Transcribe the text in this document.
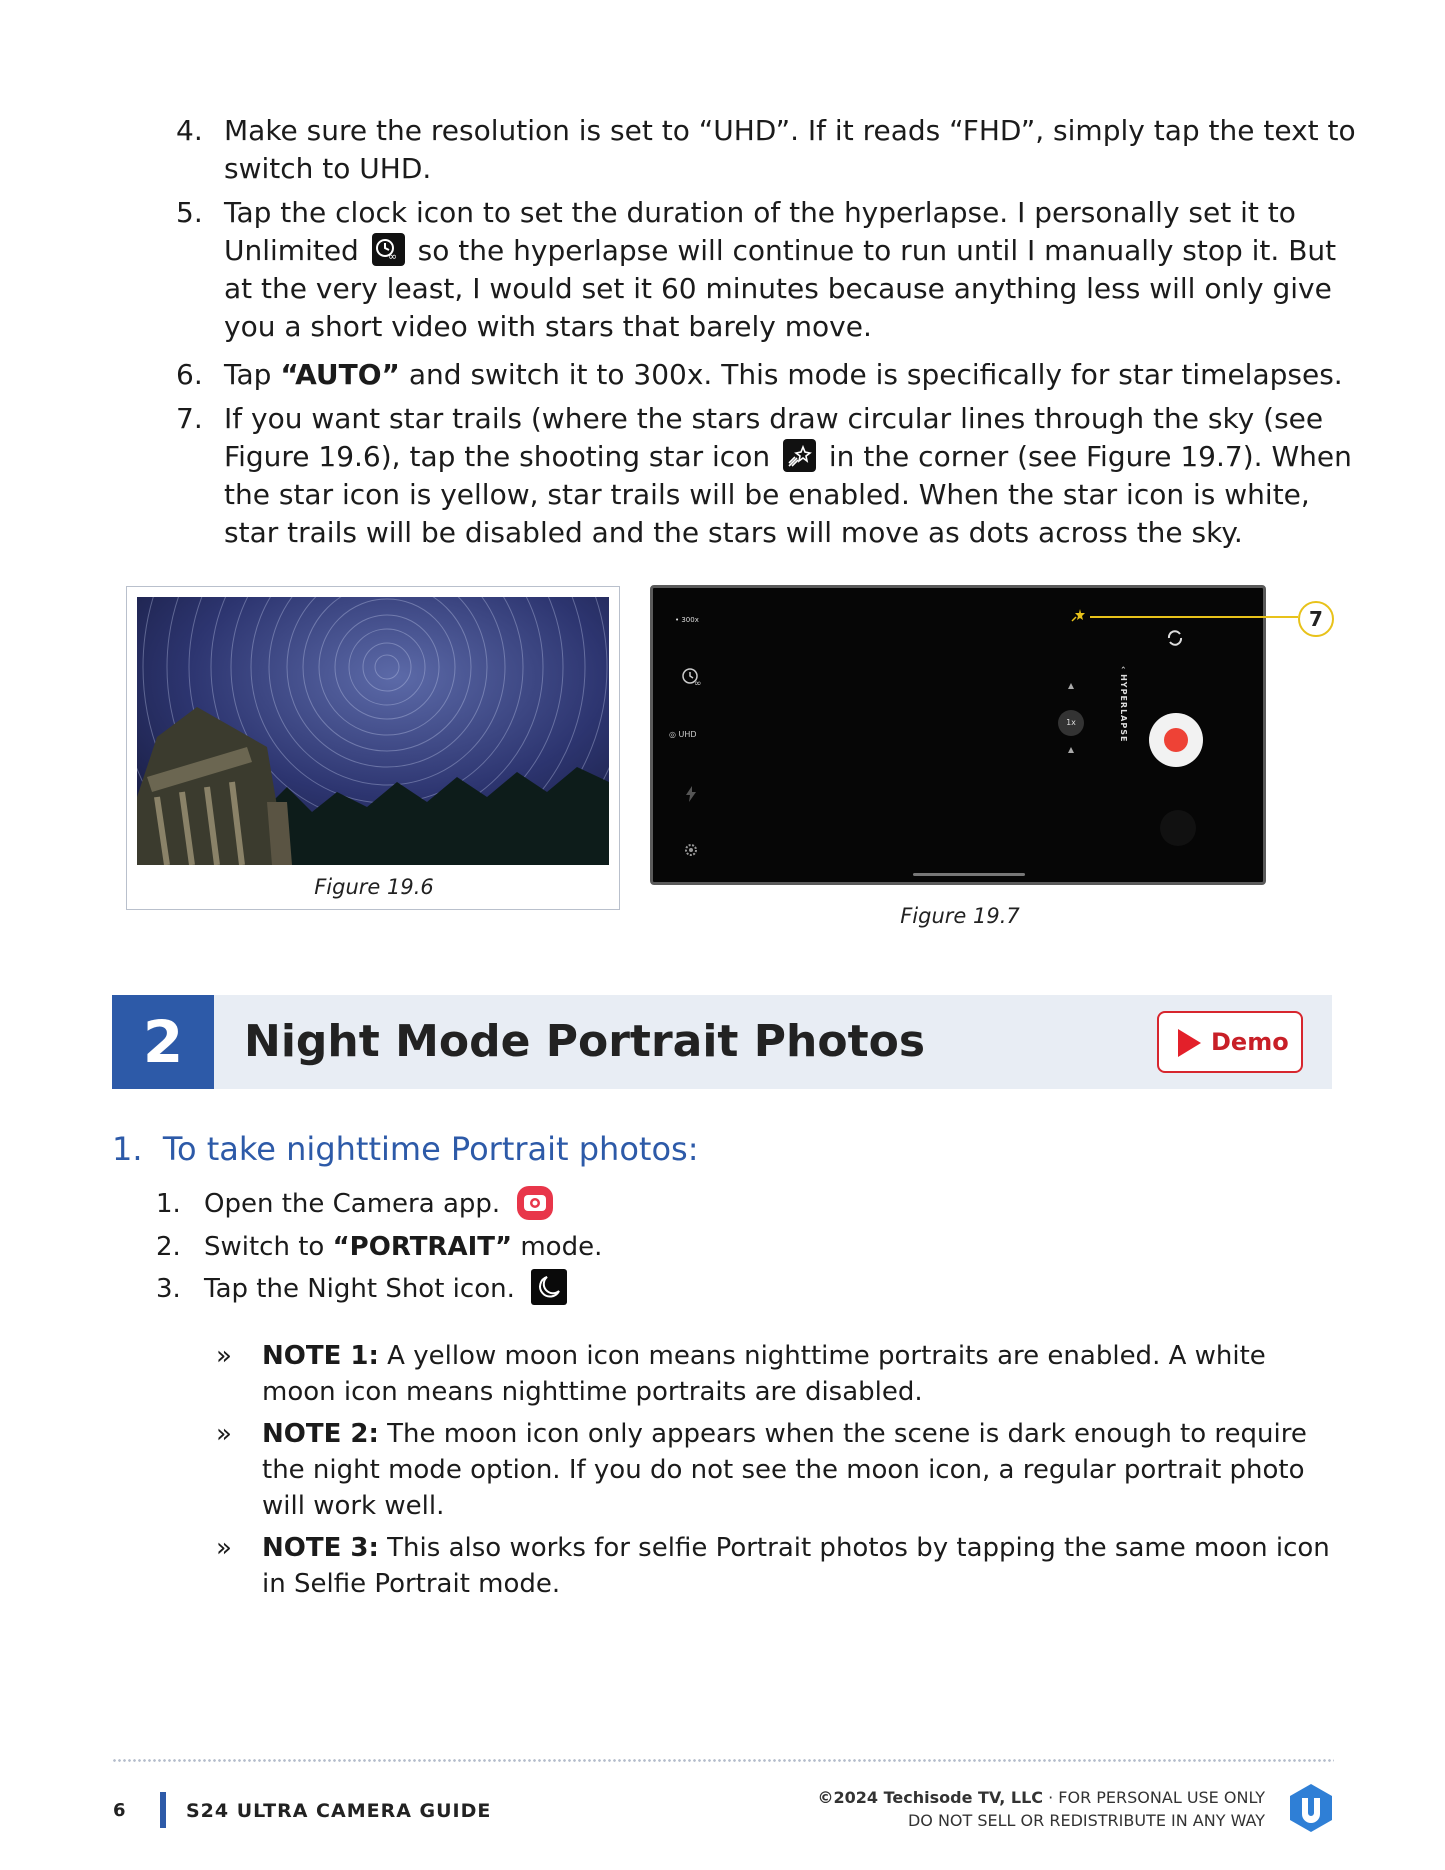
4. Make sure the resolution is set to “UHD”. If it reads “FHD”, simply tap the text to switch to UHD.
5. Tap the clock icon to set the duration of the hyperlapse. I personally set it to Unlimited	∞ so the hyperlapse will continue to run until I manually stop it. But at the very least, I would set it 60 minutes because anything less will only give you a short video with stars that barely move.
6. Tap “AUTO” and switch it to 300x. This mode is specifically for star timelapses.
7. If you want star trails (where the stars draw circular lines through the sky (see Figure 19.6), tap the shooting star icon in the corner (see Figure 19.7). When the star icon is yellow, star trails will be enabled. When the star icon is white, star trails will be disabled and the stars will move as dots across the sky.
Figure 19.6
• 300x
∞
◎ UHD
1x
‹ HYPERLAPSE
7
Figure 19.7
2	Night Mode Portrait Photos	Demo
1.  To take nighttime Portrait photos:
1. Open the Camera app.
2. Switch to “PORTRAIT” mode.
3. Tap the Night Shot icon.
» NOTE 1: A yellow moon icon means nighttime portraits are enabled. A white moon icon means nighttime portraits are disabled.
» NOTE 2: The moon icon only appears when the scene is dark enough to require the night mode option. If you do not see the moon icon, a regular portrait photo will work well.
» NOTE 3: This also works for selfie Portrait photos by tapping the same moon icon in Selfie Portrait mode.
6	S24 ULTRA CAMERA GUIDE
©2024 Techisode TV, LLC · FOR PERSONAL USE ONLY
DO NOT SELL OR REDISTRIBUTE IN ANY WAY
